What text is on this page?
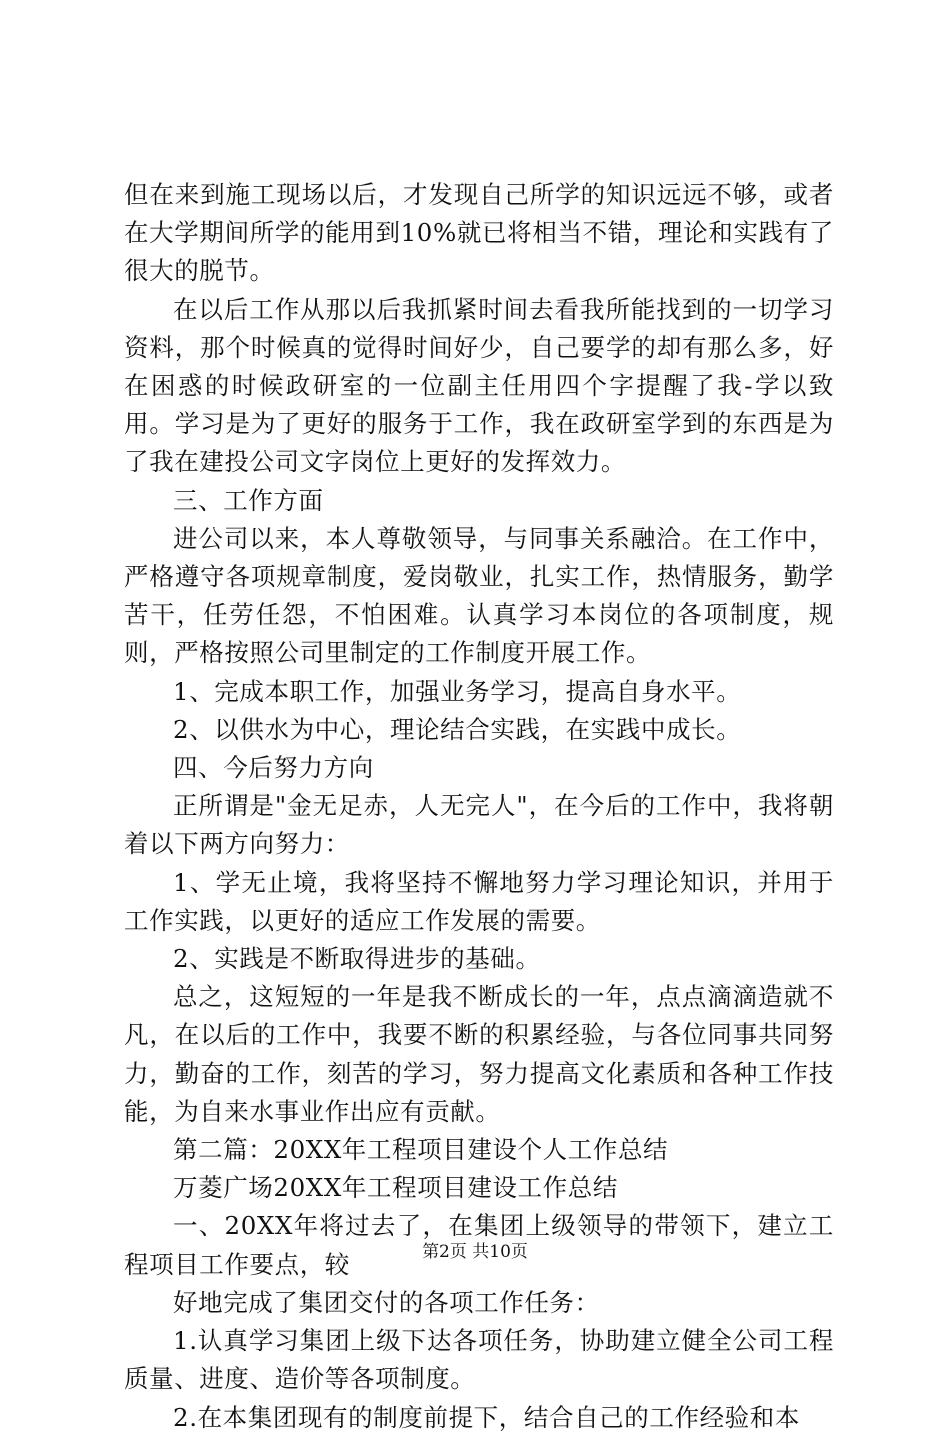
但在来到施工现场以后，才发现自己所学的知识远远不够，或者在大学期间所学的能用到10%就已将相当不错，理论和实践有了很大的脱节。

在以后工作从那以后我抓紧时间去看我所能找到的一切学习资料，那个时候真的觉得时间好少，自己要学的却有那么多，好在困惑的时候政研室的一位副主任用四个字提醒了我-学以致用。学习是为了更好的服务于工作，我在政研室学到的东西是为了我在建投公司文字岗位上更好的发挥效力。

三、工作方面

进公司以来，本人尊敬领导，与同事关系融洽。在工作中，严格遵守各项规章制度，爱岗敬业，扎实工作，热情服务，勤学苦干，任劳任怨，不怕困难。认真学习本岗位的各项制度，规则，严格按照公司里制定的工作制度开展工作。

1、完成本职工作，加强业务学习，提高自身水平。

2、以供水为中心，理论结合实践，在实践中成长。

四、今后努力方向

正所谓是"金无足赤，人无完人"，在今后的工作中，我将朝着以下两方向努力：

1、学无止境，我将坚持不懈地努力学习理论知识，并用于工作实践，以更好的适应工作发展的需要。

2、实践是不断取得进步的基础。

总之，这短短的一年是我不断成长的一年，点点滴滴造就不凡，在以后的工作中，我要不断的积累经验，与各位同事共同努力，勤奋的工作，刻苦的学习，努力提高文化素质和各种工作技能，为自来水事业作出应有贡献。

第二篇：20XX年工程项目建设个人工作总结

万菱广场20XX年工程项目建设工作总结

一、20XX年将过去了，在集团上级领导的带领下，建立工程项目工作要点，较

好地完成了集团交付的各项工作任务：

1.认真学习集团上级下达各项任务，协助建立健全公司工程质量、进度、造价等各项制度。

2.在本集团现有的制度前提下，结合自己的工作经验和本

第2页 共10页
